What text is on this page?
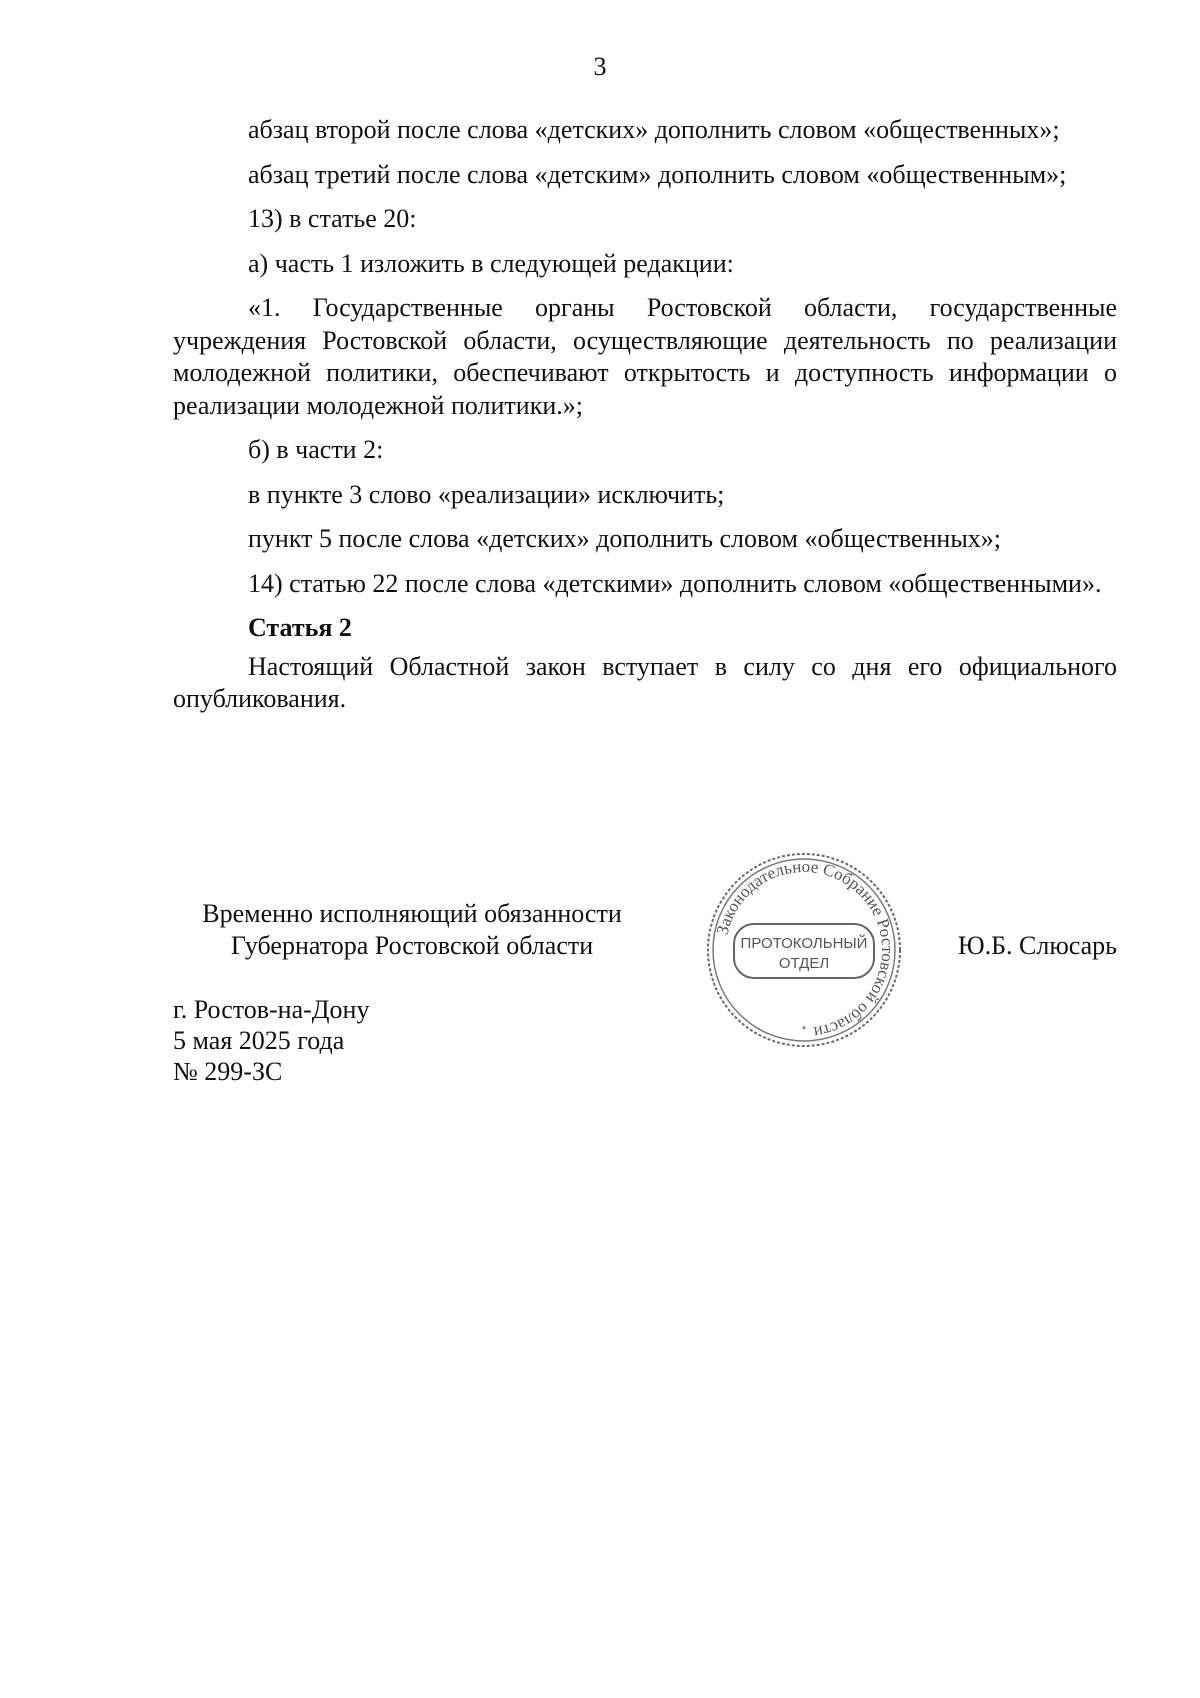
3

абзац второй после слова «детских» дополнить словом «общественных»;

абзац третий после слова «детским» дополнить словом «общественным»;

13) в статье 20:

а) часть 1 изложить в следующей редакции:

«1. Государственные органы Ростовской области, государственные учреждения Ростовской области, осуществляющие деятельность по реализации молодежной политики, обеспечивают открытость и доступность информации о реализации молодежной политики.»;

б) в части 2:

в пункте 3 слово «реализации» исключить;

пункт 5 после слова «детских» дополнить словом «общественных»;

14) статью 22 после слова «детскими» дополнить словом «общественными».

Статья 2

Настоящий Областной закон вступает в силу со дня его официального опубликования.

Временно исполняющий обязанности
Губернатора Ростовской области	Ю.Б. Слюсарь
г. Ростов-на-Дону
5 мая 2025 года
№ 299-ЗС
Законодательное Собрание Ростовской области
ПРОТОКОЛЬНЫЙ
ОТДЕЛ
*
